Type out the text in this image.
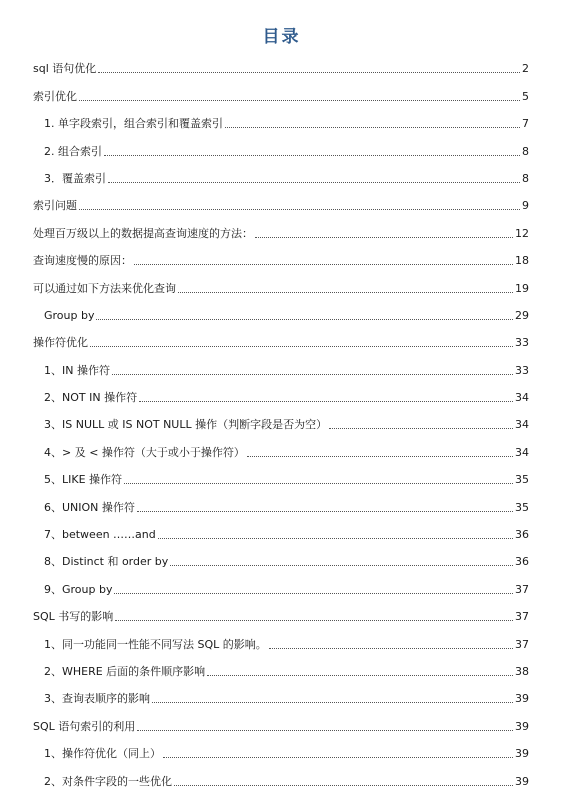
目录
sql 语句优化	2
索引优化	5
1. 单字段索引，组合索引和覆盖索引	7
2. 组合索引	8
3．覆盖索引	8
索引问题	9
处理百万级以上的数据提高查询速度的方法：	12
查询速度慢的原因：	18
可以通过如下方法来优化查询	19
Group by	29
操作符优化	33
1、IN 操作符	33
2、NOT IN 操作符	34
3、IS NULL 或 IS NOT NULL 操作（判断字段是否为空）	34
4、> 及 < 操作符（大于或小于操作符）	34
5、LIKE 操作符	35
6、UNION 操作符	35
7、between ……and	36
8、Distinct 和 order by	36
9、Group by	37
SQL 书写的影响	37
1、同一功能同一性能不同写法 SQL 的影响。	37
2、WHERE 后面的条件顺序影响	38
3、查询表顺序的影响	39
SQL 语句索引的利用	39
1、操作符优化（同上）	39
2、对条件字段的一些优化	39
